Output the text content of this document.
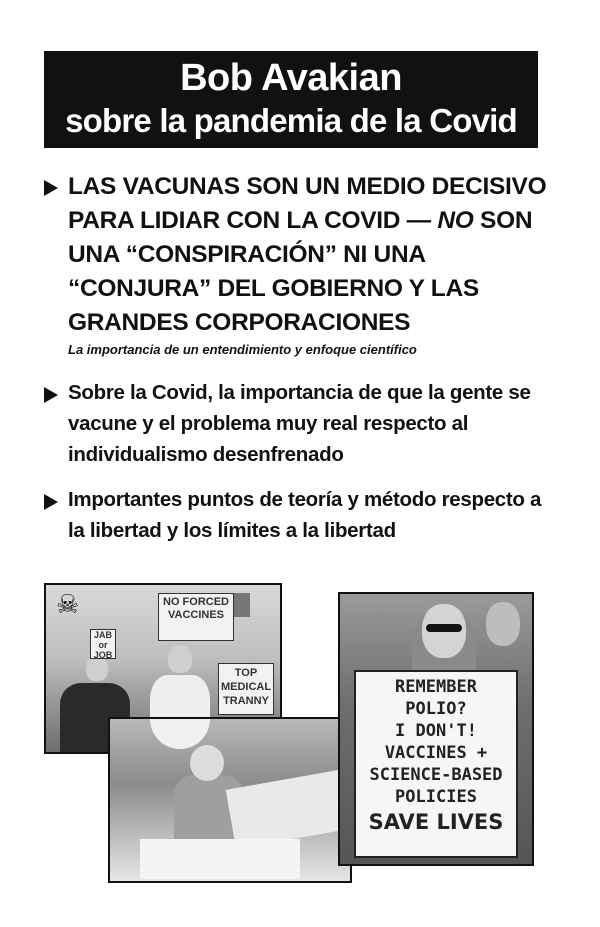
Bob Avakian
sobre la pandemia de la Covid
LAS VACUNAS SON UN MEDIO DECISIVO PARA LIDIAR CON LA COVID — NO SON UNA “CONSPIRACIÓN” NI UNA “CONJURA” DEL GOBIERNO Y LAS GRANDES CORPORACIONES
La importancia de un entendimiento y enfoque científico
Sobre la Covid, la importancia de que la gente se vacune y el problema muy real respecto al individualismo desenfrenado
Importantes puntos de teoría y método respecto a la libertad y los límites a la libertad
☠	NO FORCED VACCINES
TOP MEDICAL TRANNY
JAB or JOB
REMEMBER
POLIO?
I DON'T!
VACCINES +
SCIENCE-BASED
POLICIES
SAVE LIVES
